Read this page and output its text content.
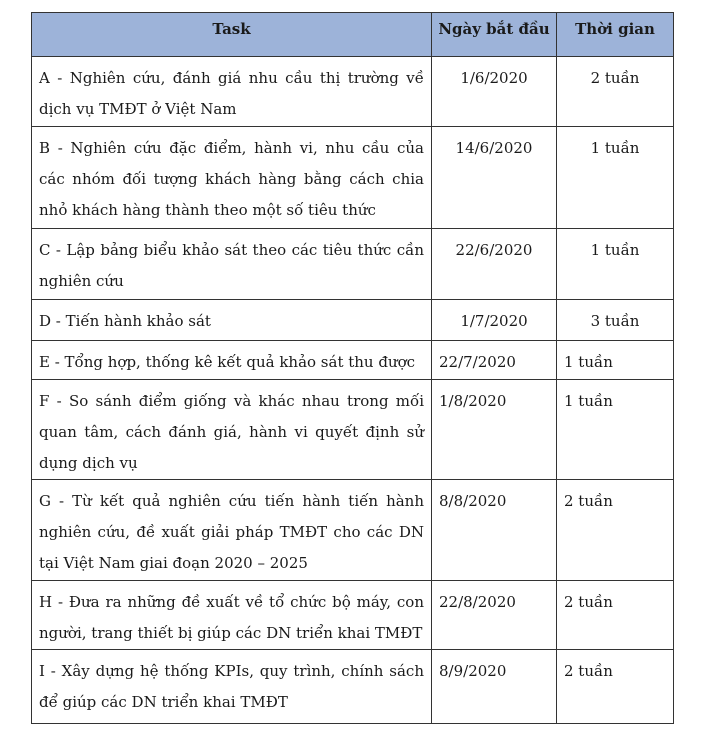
Task	Ngày bắt đầu	Thời gian
A - Nghiên cứu, đánh giá nhu cầu thị trường về dịch vụ TMĐT ở Việt Nam	1/6/2020	2 tuần
B - Nghiên cứu đặc điểm, hành vi, nhu cầu của các nhóm đối tượng khách hàng bằng cách chia nhỏ khách hàng thành theo một số tiêu thức	14/6/2020	1 tuần
C - Lập bảng biểu khảo sát theo các tiêu thức cần nghiên cứu	22/6/2020	1 tuần
D - Tiến hành khảo sát	1/7/2020	3 tuần
E - Tổng hợp, thống kê kết quả khảo sát thu được	22/7/2020	1 tuần
F - So sánh điểm giống và khác nhau trong mối quan tâm, cách đánh giá, hành vi quyết định sử dụng dịch vụ	1/8/2020	1 tuần
G - Từ kết quả nghiên cứu tiến hành tiến hành nghiên cứu, đề xuất giải pháp TMĐT cho các DN tại Việt Nam giai đoạn 2020 – 2025	8/8/2020	2 tuần
H - Đưa ra những đề xuất về tổ chức bộ máy, con người, trang thiết bị giúp các DN triển khai TMĐT	22/8/2020	2 tuần
I - Xây dựng hệ thống KPIs, quy trình, chính sách để giúp các DN triển khai TMĐT	8/9/2020	2 tuần
